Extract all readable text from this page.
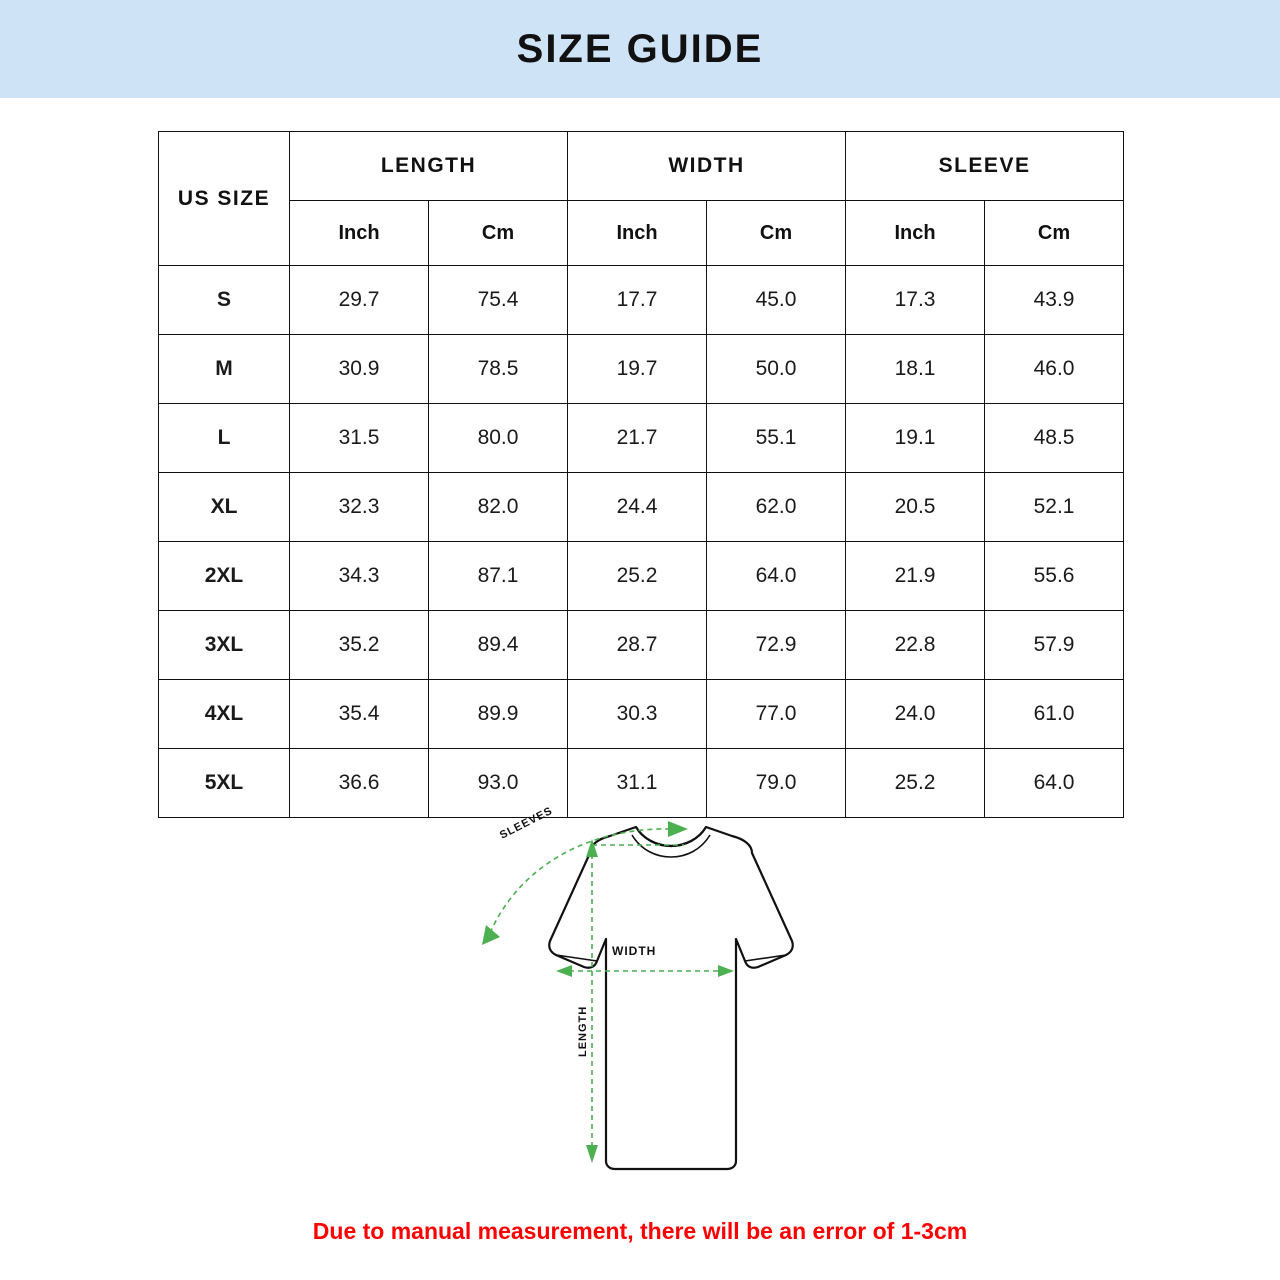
SIZE GUIDE
US SIZE	LENGTH		WIDTH		SLEEVE	
	Inch	Cm	Inch	Cm	Inch	Cm
S	29.7	75.4	17.7	45.0	17.3	43.9
M	30.9	78.5	19.7	50.0	18.1	46.0
L	31.5	80.0	21.7	55.1	19.1	48.5
XL	32.3	82.0	24.4	62.0	20.5	52.1
2XL	34.3	87.1	25.2	64.0	21.9	55.6
3XL	35.2	89.4	28.7	72.9	22.8	57.9
4XL	35.4	89.9	30.3	77.0	24.0	61.0
5XL	36.6	93.0	31.1	79.0	25.2	64.0
SLEEVES
WIDTH
LENGTH
Due to manual measurement, there will be an error of 1-3cm
